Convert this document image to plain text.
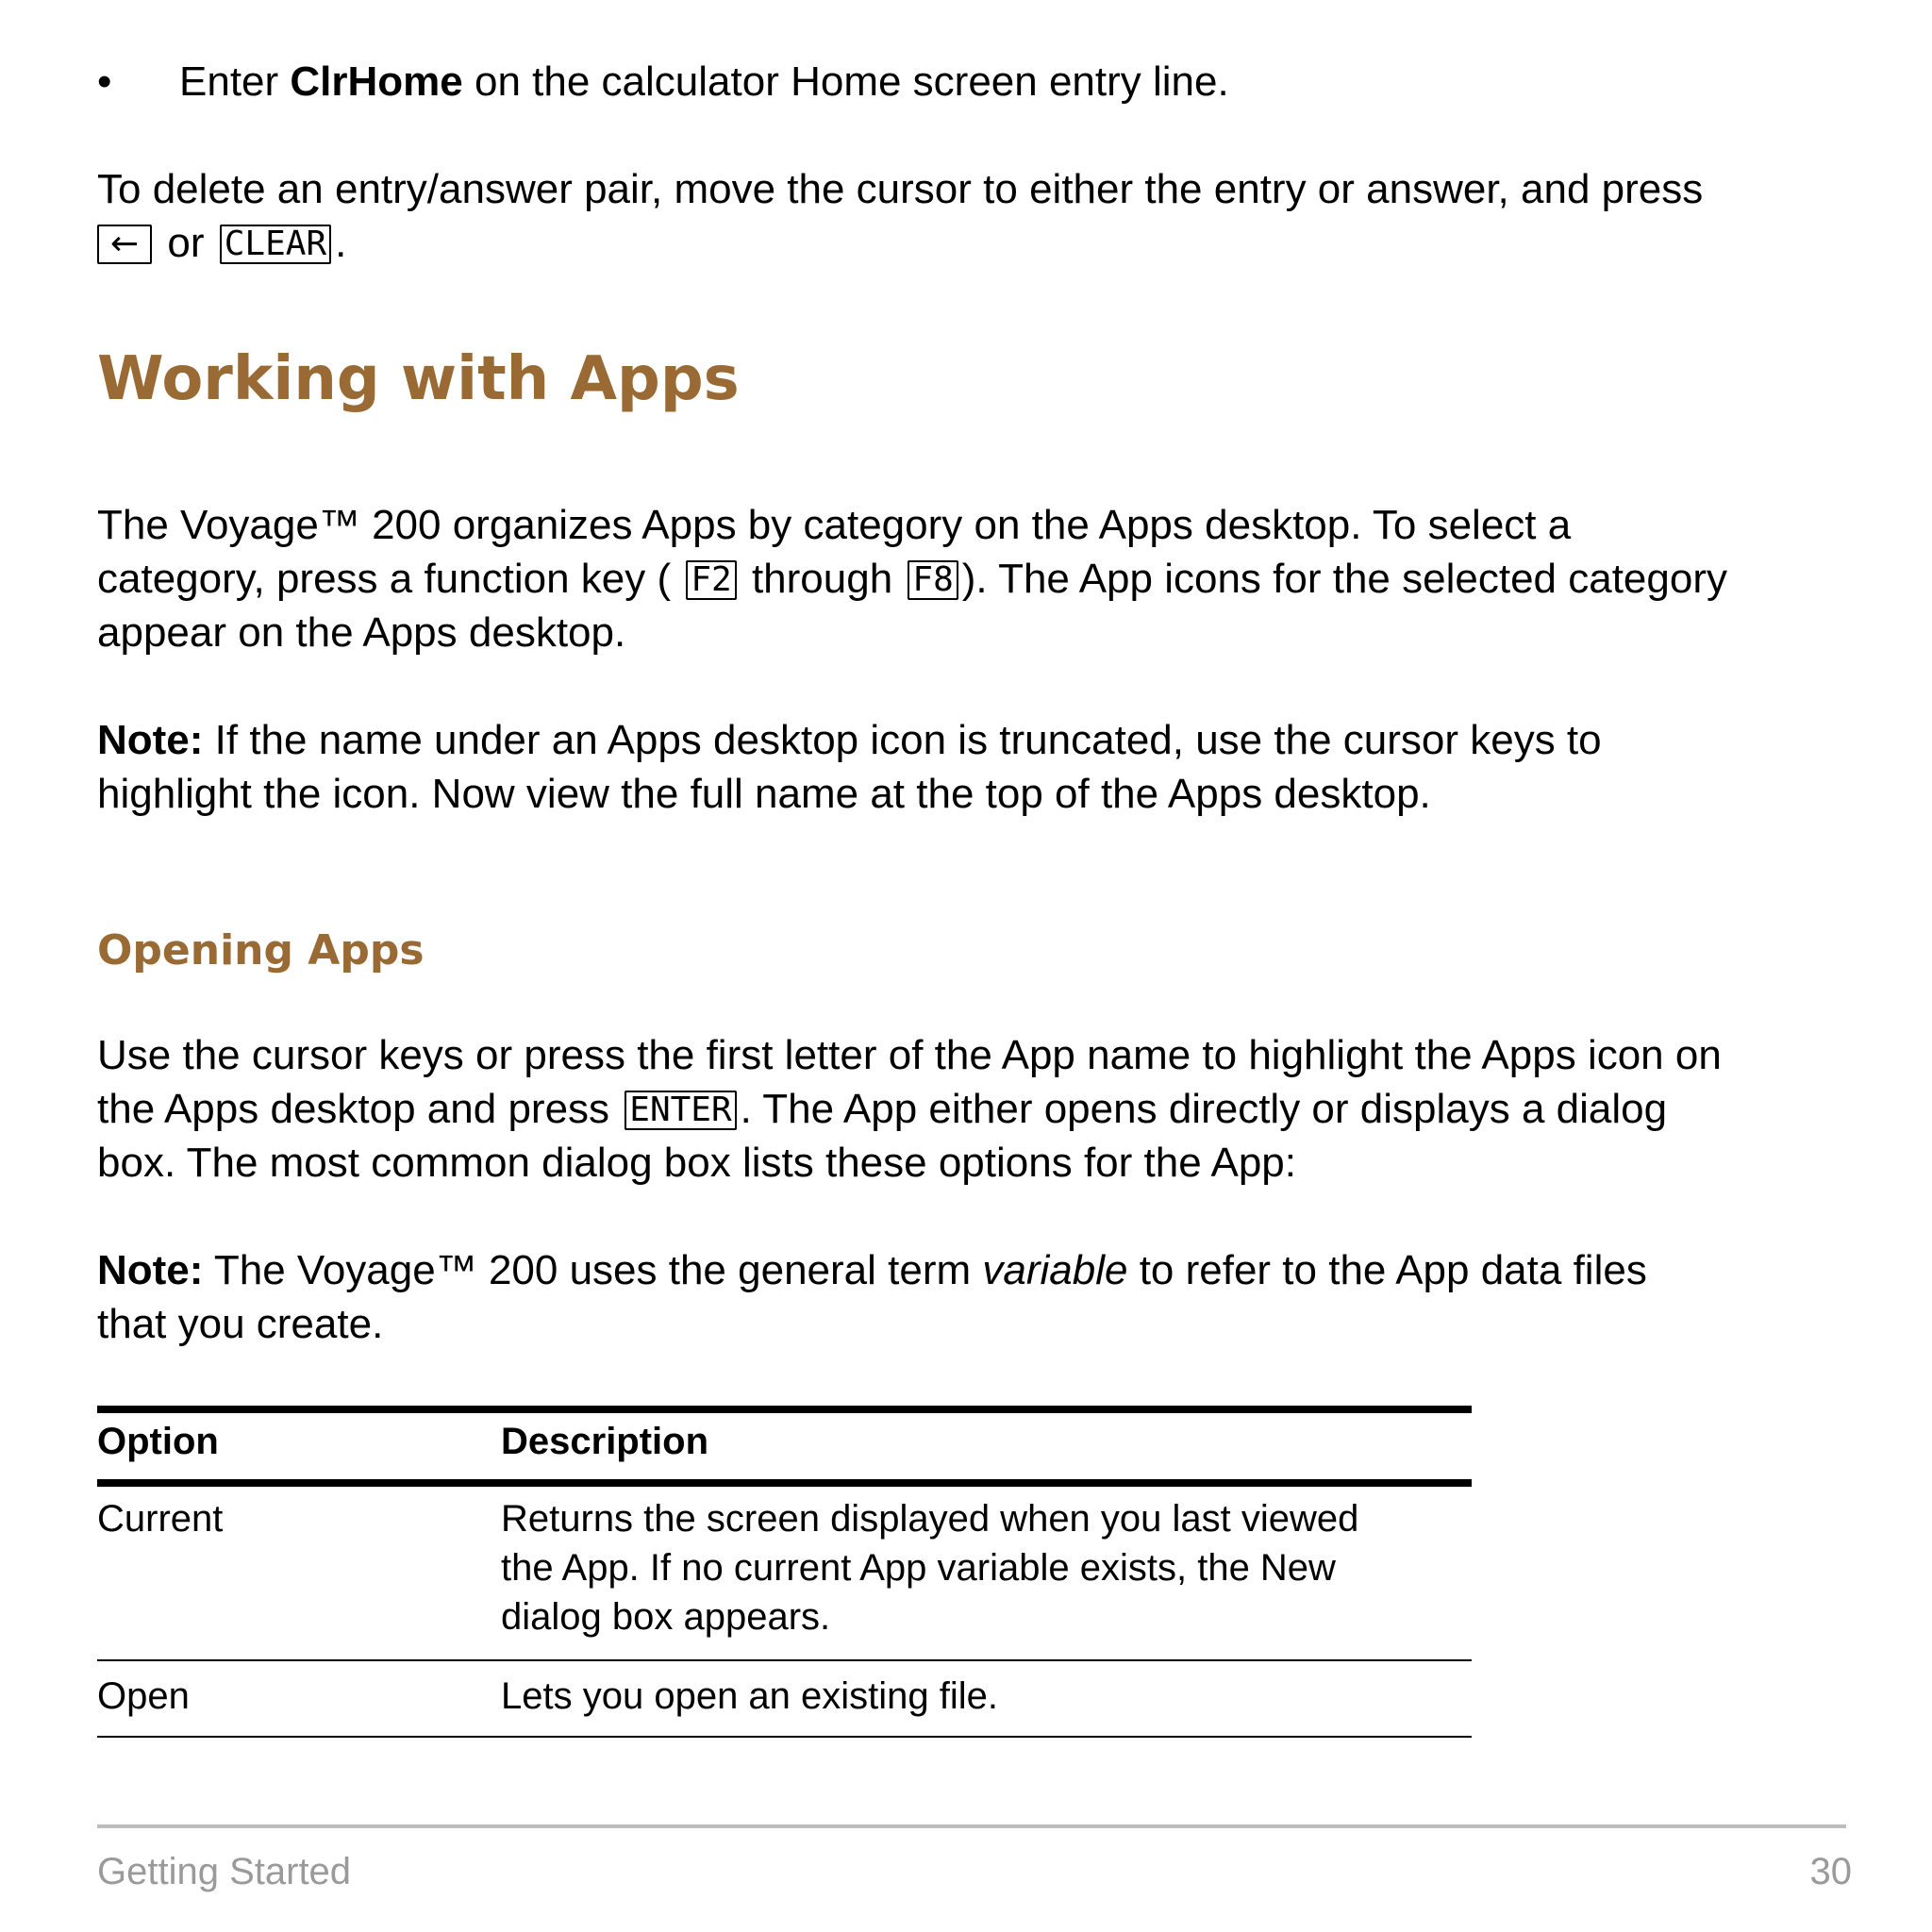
• Enter ClrHome on the calculator Home screen entry line.

To delete an entry/answer pair, move the cursor to either the entry or answer, and press

← or CLEAR .

Working with Apps

The Voyage™ 200 organizes Apps by category on the Apps desktop. To select a

category, press a function key ( F2 through F8 ). The App icons for the selected category

appear on the Apps desktop.

Note: If the name under an Apps desktop icon is truncated, use the cursor keys to

highlight the icon. Now view the full name at the top of the Apps desktop.

Opening Apps

Use the cursor keys or press the first letter of the App name to highlight the Apps icon on

the Apps desktop and press ENTER . The App either opens directly or displays a dialog

box. The most common dialog box lists these options for the App:

Note: The Voyage™ 200 uses the general term variable to refer to the App data files

that you create.

Option	Description
Current	Returns the screen displayed when you last viewed
the App. If no current App variable exists, the New
dialog box appears.
Open	Lets you open an existing file.
Getting Started	30
